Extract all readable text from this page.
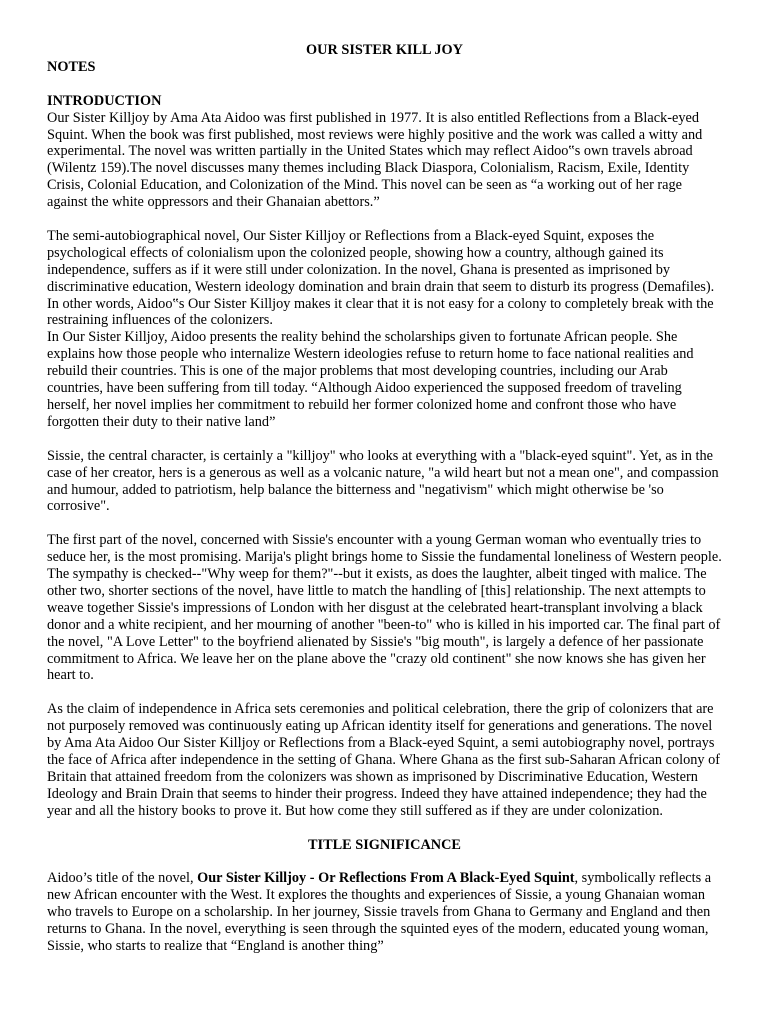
OUR SISTER KILL JOY

NOTES

INTRODUCTION

Our Sister Killjoy by Ama Ata Aidoo was first published in 1977. It is also entitled Reflections from a Black-eyed Squint. When the book was first published, most reviews were highly positive and the work was called a witty and experimental. The novel was written partially in the United States which may reflect Aidoo‟s own travels abroad (Wilentz 159).The novel discusses many themes including Black Diaspora, Colonialism, Racism, Exile, Identity Crisis, Colonial Education, and Colonization of the Mind. This novel can be seen as “a working out of her rage against the white oppressors and their Ghanaian abettors.”

The semi-autobiographical novel, Our Sister Killjoy or Reflections from a Black-eyed Squint, exposes the psychological effects of colonialism upon the colonized people, showing how a country, although gained its independence, suffers as if it were still under colonization. In the novel, Ghana is presented as imprisoned by discriminative education, Western ideology domination and brain drain that seem to disturb its progress (Demafiles). In other words, Aidoo‟s Our Sister Killjoy makes it clear that it is not easy for a colony to completely break with the restraining influences of the colonizers.

In Our Sister Killjoy, Aidoo presents the reality behind the scholarships given to fortunate African people. She explains how those people who internalize Western ideologies refuse to return home to face national realities and rebuild their countries. This is one of the major problems that most developing countries, including our Arab countries, have been suffering from till today. “Although Aidoo experienced the supposed freedom of traveling herself, her novel implies her commitment to rebuild her former colonized home and confront those who have forgotten their duty to their native land”

Sissie, the central character, is certainly a "killjoy" who looks at everything with a "black-eyed squint". Yet, as in the case of her creator, hers is a generous as well as a volcanic nature, "a wild heart but not a mean one", and compassion and humour, added to patriotism, help balance the bitterness and "negativism" which might otherwise be 'so corrosive".

The first part of the novel, concerned with Sissie's encounter with a young German woman who eventually tries to seduce her, is the most promising. Marija's plight brings home to Sissie the fundamental loneliness of Western people. The sympathy is checked--"Why weep for them?"--but it exists, as does the laughter, albeit tinged with malice. The other two, shorter sections of the novel, have little to match the handling of [this] relationship. The next attempts to weave together Sissie's impressions of London with her disgust at the celebrated heart-transplant involving a black donor and a white recipient, and her mourning of another "been-to" who is killed in his imported car. The final part of the novel, "A Love Letter" to the boyfriend alienated by Sissie's "big mouth", is largely a defence of her passionate commitment to Africa. We leave her on the plane above the "crazy old continent" she now knows she has given her heart to.

As the claim of independence in Africa sets ceremonies and political celebration, there the grip of colonizers that are not purposely removed was continuously eating up African identity itself for generations and generations. The novel by Ama Ata Aidoo Our Sister Killjoy or Reflections from a Black-eyed Squint, a semi autobiography novel, portrays the face of Africa after independence in the setting of Ghana. Where Ghana as the first sub-Saharan African colony of Britain that attained freedom from the colonizers was shown as imprisoned by Discriminative Education, Western Ideology and Brain Drain that seems to hinder their progress. Indeed they have attained independence; they had the year and all the history books to prove it. But how come they still suffered as if they are under colonization.

TITLE SIGNIFICANCE

Aidoo’s title of the novel, Our Sister Killjoy - Or Reflections From A Black-Eyed Squint, symbolically reflects a new African encounter with the West. It explores the thoughts and experiences of Sissie, a young Ghanaian woman who travels to Europe on a scholarship. In her journey, Sissie travels from Ghana to Germany and England and then returns to Ghana. In the novel, everything is seen through the squinted eyes of the modern, educated young woman, Sissie, who starts to realize that “England is another thing”
